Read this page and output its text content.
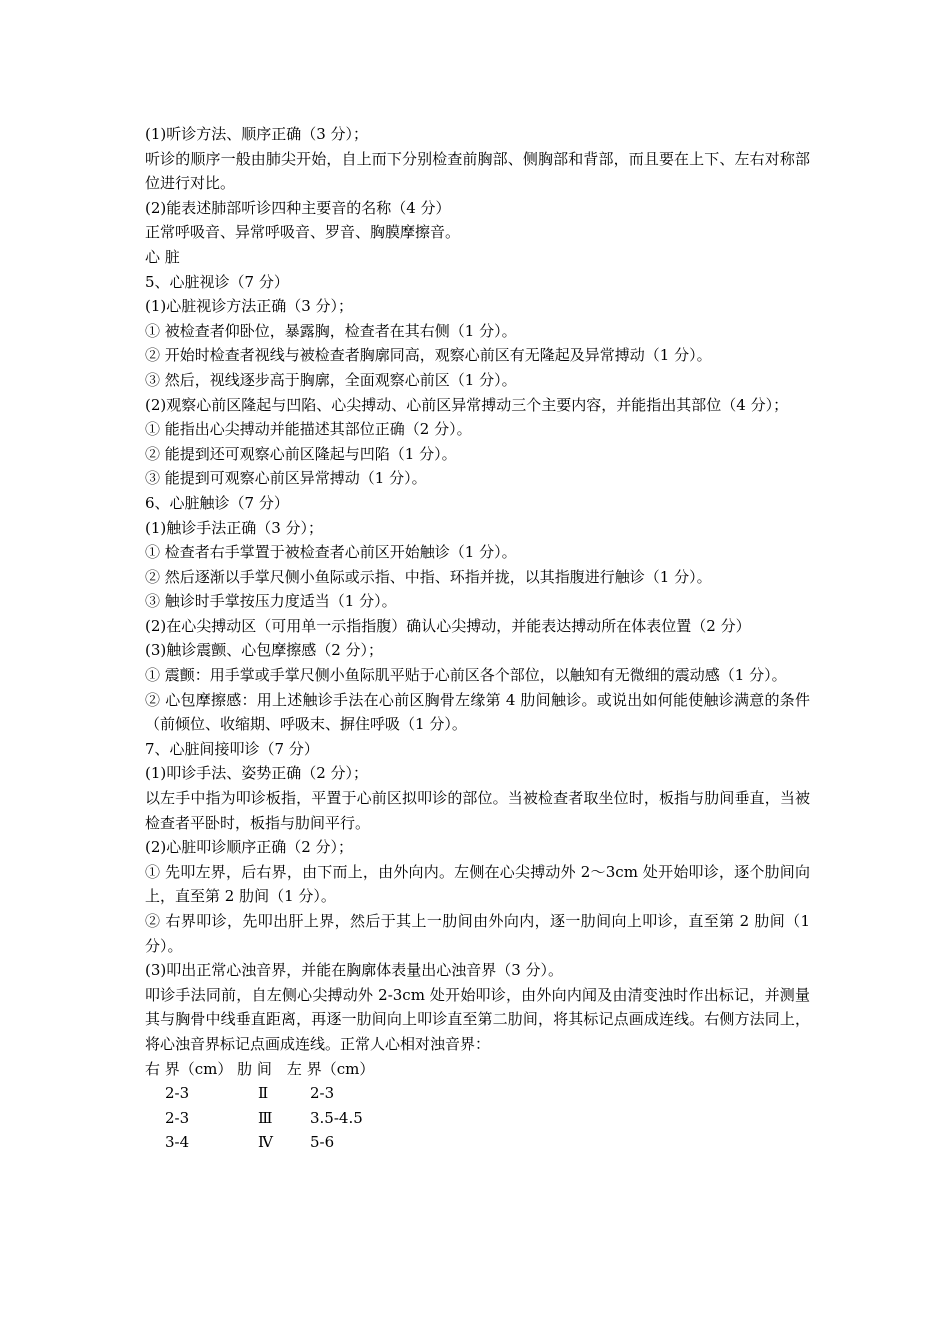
(1)听诊方法、顺序正确（3 分）；
听诊的顺序一般由肺尖开始，自上而下分别检查前胸部、侧胸部和背部，而且要在上下、左右对称部位进行对比。
(2)能表述肺部听诊四种主要音的名称（4 分）
正常呼吸音、异常呼吸音、罗音、胸膜摩擦音。
心 脏
5、心脏视诊（7 分）
(1)心脏视诊方法正确（3 分）；
① 被检查者仰卧位，暴露胸，检查者在其右侧（1 分）。
② 开始时检查者视线与被检查者胸廓同高，观察心前区有无隆起及异常搏动（1 分）。
③ 然后，视线逐步高于胸廓，全面观察心前区（1 分）。
(2)观察心前区隆起与凹陷、心尖搏动、心前区异常搏动三个主要内容，并能指出其部位（4 分）；
① 能指出心尖搏动并能描述其部位正确（2 分）。
② 能提到还可观察心前区隆起与凹陷（1 分）。
③ 能提到可观察心前区异常搏动（1 分）。
6、心脏触诊（7 分）
(1)触诊手法正确（3 分）；
① 检查者右手掌置于被检查者心前区开始触诊（1 分）。
② 然后逐渐以手掌尺侧小鱼际或示指、中指、环指并拢，以其指腹进行触诊（1 分）。
③ 触诊时手掌按压力度适当（1 分）。
(2)在心尖搏动区（可用单一示指指腹）确认心尖搏动，并能表达搏动所在体表位置（2 分）
(3)触诊震颤、心包摩擦感（2 分）；
① 震颤：用手掌或手掌尺侧小鱼际肌平贴于心前区各个部位，以触知有无微细的震动感（1 分）。
② 心包摩擦感：用上述触诊手法在心前区胸骨左缘第 4 肋间触诊。或说出如何能使触诊满意的条件（前倾位、收缩期、呼吸末、摒住呼吸（1 分）。
7、心脏间接叩诊（7 分）
(1)叩诊手法、姿势正确（2 分）；
以左手中指为叩诊板指，平置于心前区拟叩诊的部位。当被检查者取坐位时，板指与肋间垂直，当被检查者平卧时，板指与肋间平行。
(2)心脏叩诊顺序正确（2 分）；
① 先叩左界，后右界，由下而上，由外向内。左侧在心尖搏动外 2～3cm 处开始叩诊，逐个肋间向上，直至第 2 肋间（1 分）。
② 右界叩诊，先叩出肝上界，然后于其上一肋间由外向内，逐一肋间向上叩诊，直至第 2 肋间（1 分）。
(3)叩出正常心浊音界，并能在胸廓体表量出心浊音界（3 分）。
叩诊手法同前，自左侧心尖搏动外 2-3cm 处开始叩诊，由外向内闻及由清变浊时作出标记，并测量其与胸骨中线垂直距离，再逐一肋间向上叩诊直至第二肋间，将其标记点画成连线。右侧方法同上，将心浊音界标记点画成连线。正常人心相对浊音界：
右 界（cm） 肋 间　左 界（cm）
2-3	Ⅱ	2-3
2-3	Ⅲ	3.5-4.5
3-4	Ⅳ	5-6
